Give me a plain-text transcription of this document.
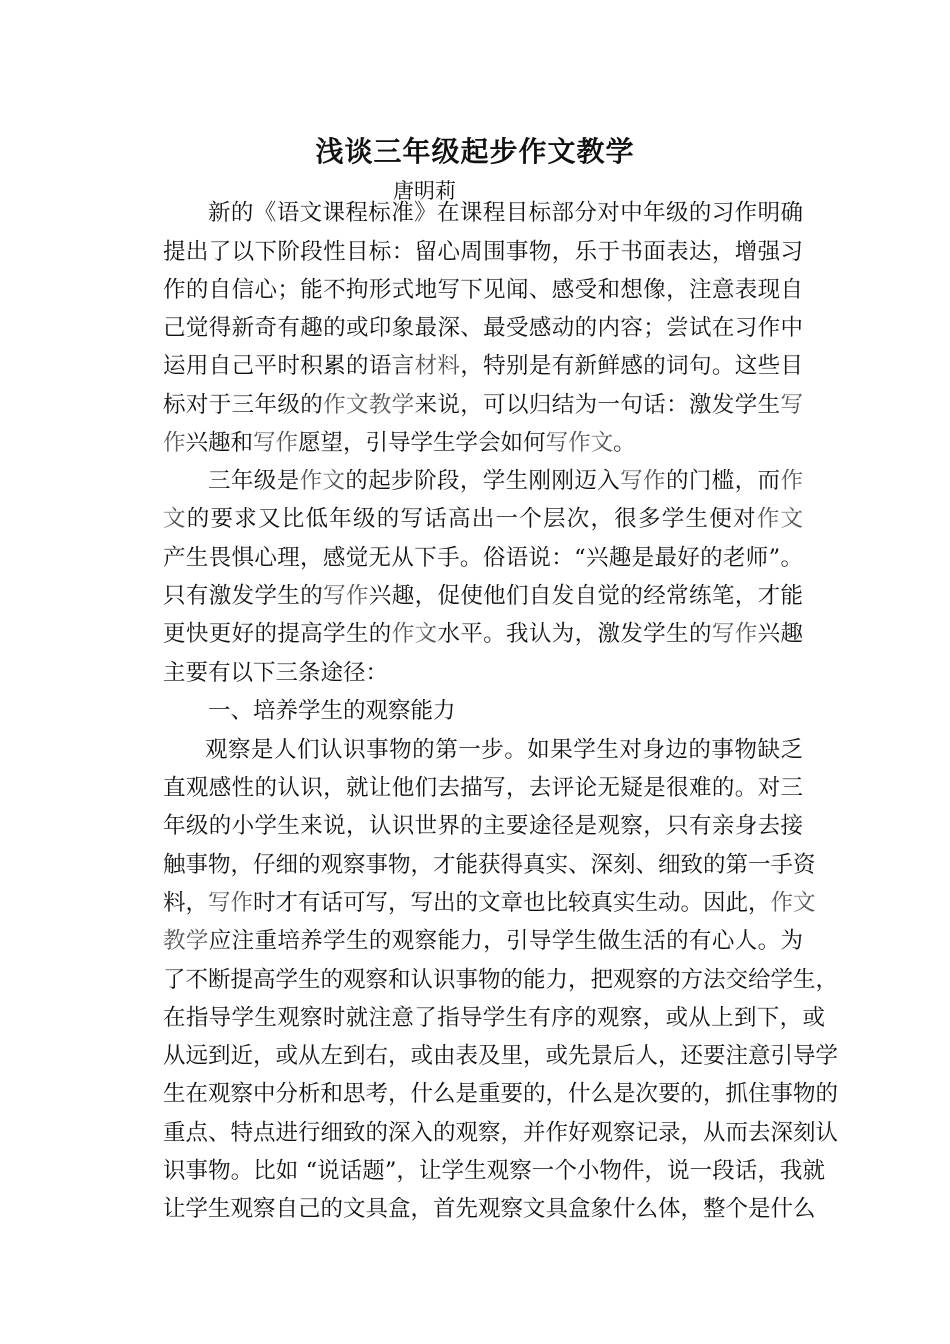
浅谈三年级起步作文教学
唐明莉
新的《语文课程标准》在课程目标部分对中年级的习作明确
提出了以下阶段性目标：留心周围事物，乐于书面表达，增强习
作的自信心；能不拘形式地写下见闻、感受和想像，注意表现自
己觉得新奇有趣的或印象最深、最受感动的内容；尝试在习作中
运用自己平时积累的语言材料，特别是有新鲜感的词句。这些目
标对于三年级的作文教学来说，可以归结为一句话：激发学生写
作兴趣和写作愿望，引导学生学会如何写作文。
三年级是作文的起步阶段，学生刚刚迈入写作的门槛，而作
文的要求又比低年级的写话高出一个层次，很多学生便对作文
产生畏惧心理，感觉无从下手。俗语说：“兴趣是最好的老师”。
只有激发学生的写作兴趣，促使他们自发自觉的经常练笔，才能
更快更好的提高学生的作文水平。我认为，激发学生的写作兴趣
主要有以下三条途径：
一、培养学生的观察能力
观察是人们认识事物的第一步。如果学生对身边的事物缺乏
直观感性的认识，就让他们去描写，去评论无疑是很难的。对三
年级的小学生来说，认识世界的主要途径是观察，只有亲身去接
触事物，仔细的观察事物，才能获得真实、深刻、细致的第一手资
料，写作时才有话可写，写出的文章也比较真实生动。因此，作文
教学应注重培养学生的观察能力，引导学生做生活的有心人。为
了不断提高学生的观察和认识事物的能力，把观察的方法交给学生，
在指导学生观察时就注意了指导学生有序的观察，或从上到下，或
从远到近，或从左到右，或由表及里，或先景后人，还要注意引导学
生在观察中分析和思考，什么是重要的，什么是次要的，抓住事物的
重点、特点进行细致的深入的观察，并作好观察记录，从而去深刻认
识事物。比如 “说话题”，让学生观察一个小物件，说一段话，我就
让学生观察自己的文具盒，首先观察文具盒象什么体，整个是什么
